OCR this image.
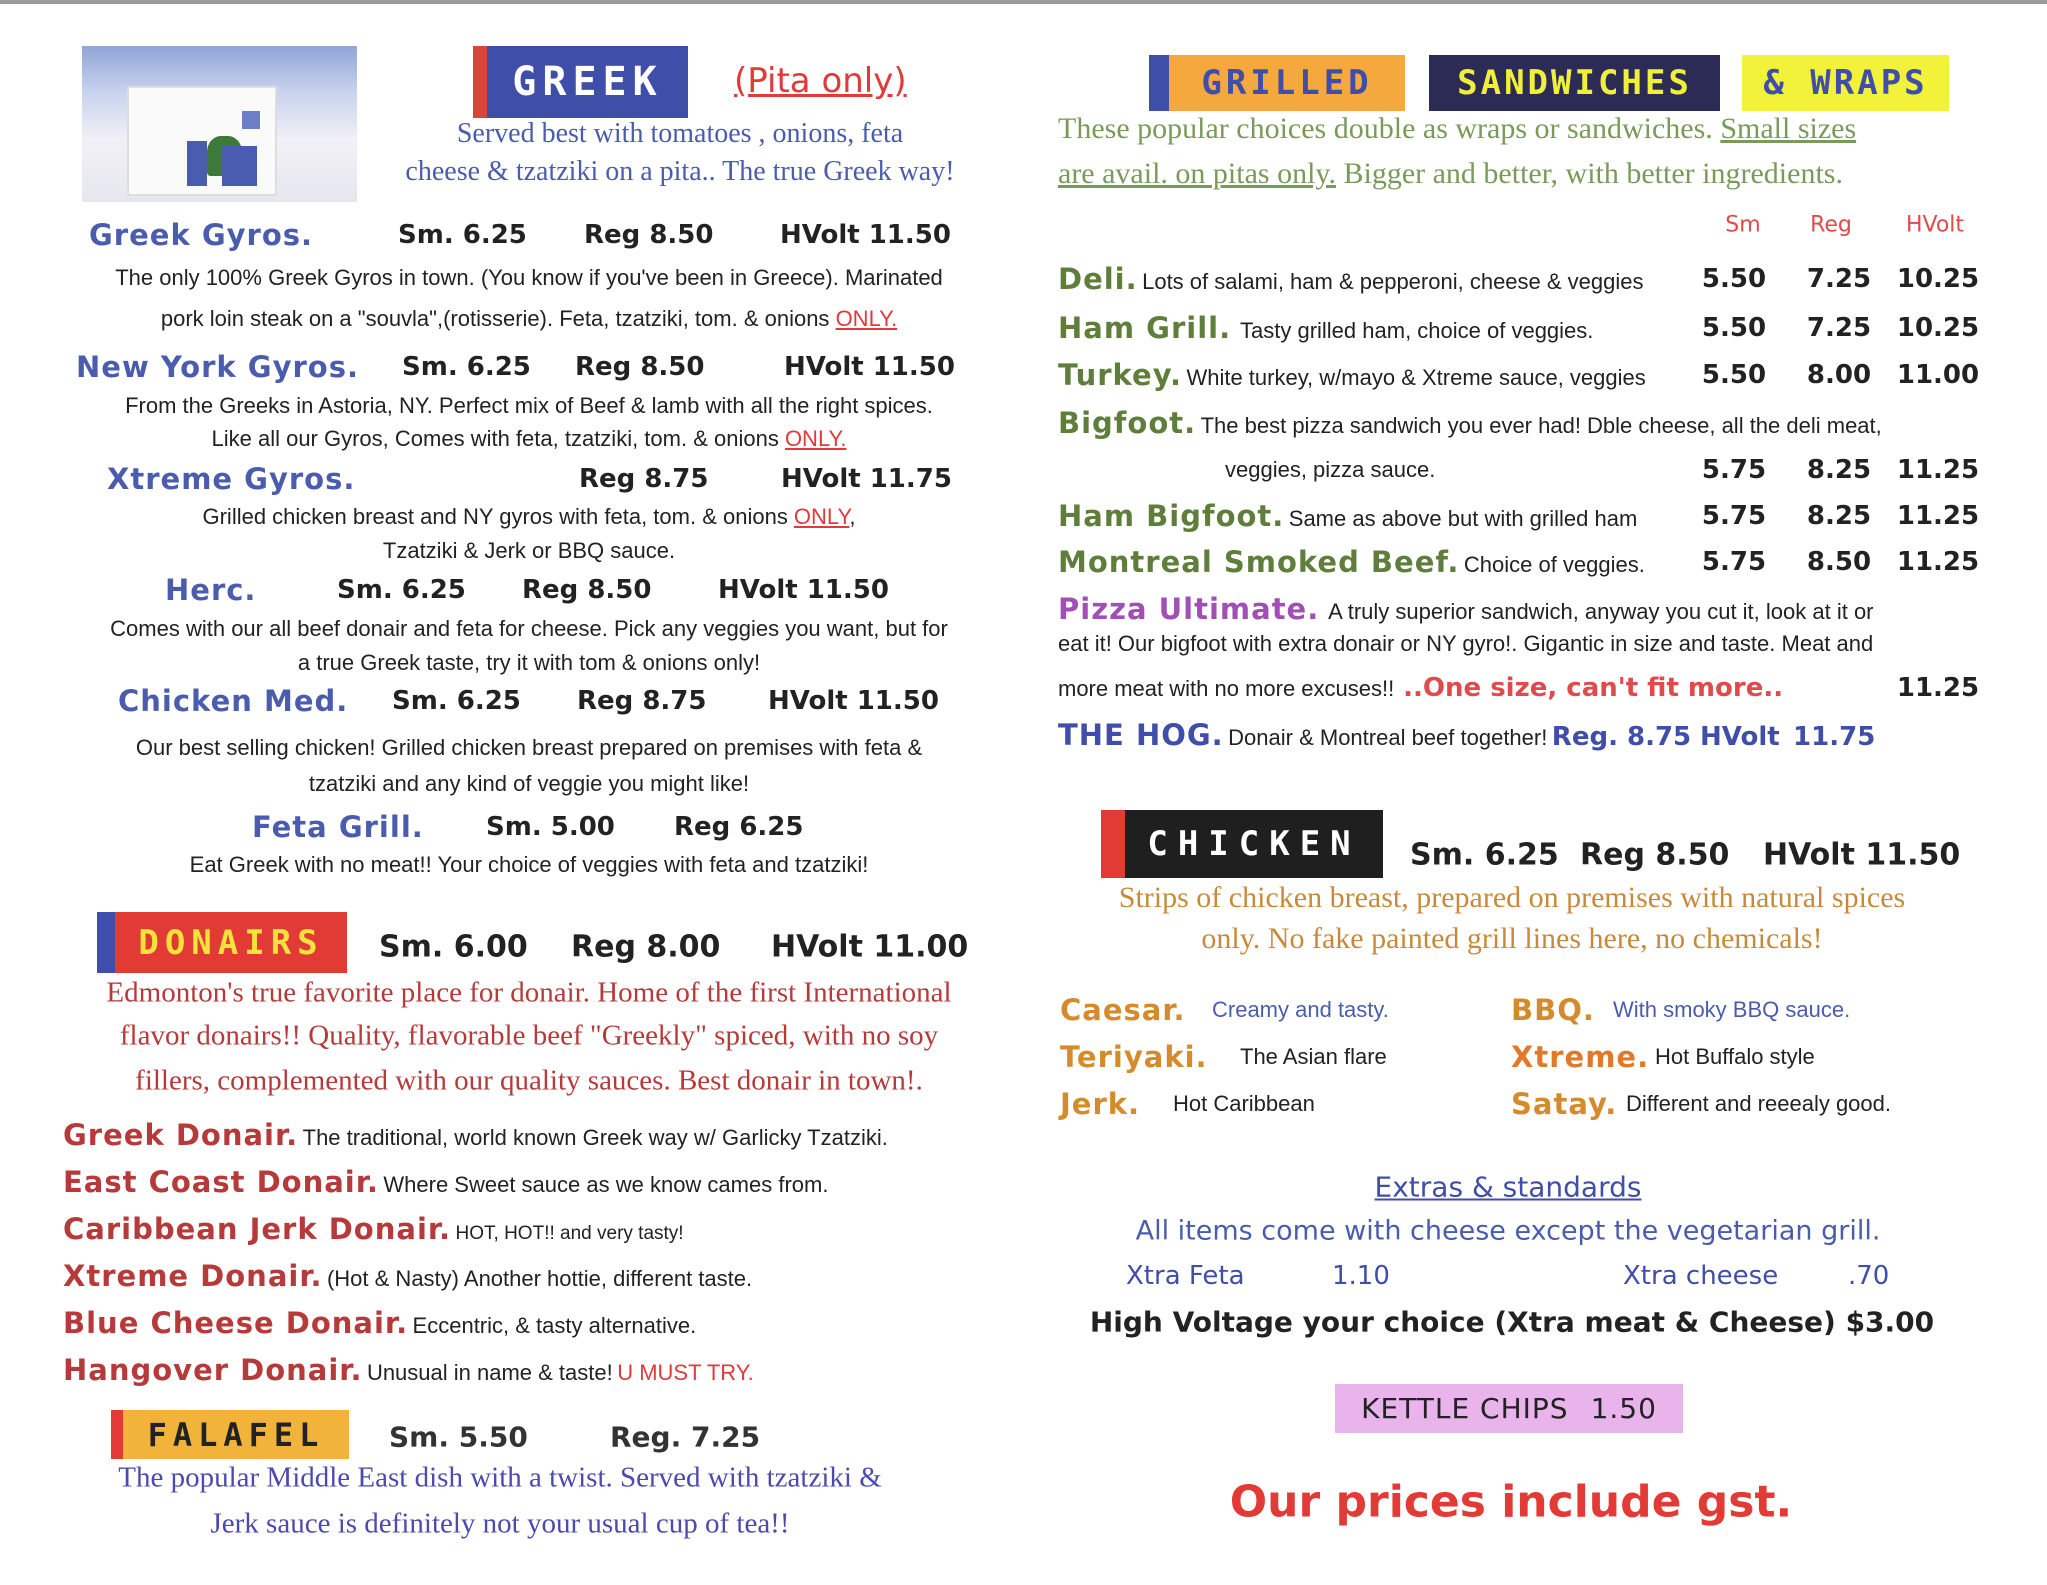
GREEK (Pita only)
Served best with tomatoes , onions, feta
cheese & tzatziki on a pita.. The true Greek way!
Greek Gyros.	Sm. 6.25 Reg 8.50	HVolt 11.50
The only 100% Greek Gyros in town. (You know if you've been in Greece). Marinated
pork loin steak on a "souvla",(rotisserie). Feta, tzatziki, tom. & onions ONLY.
New York Gyros. Sm. 6.25 Reg 8.50	HVolt 11.50
From the Greeks in Astoria, NY. Perfect mix of Beef & lamb with all the right spices.
Like all our Gyros, Comes with feta, tzatziki, tom. & onions ONLY.
Xtreme Gyros.	Reg 8.75	HVolt 11.75
Grilled chicken breast and NY gyros with feta, tom. & onions ONLY,
Tzatziki & Jerk or BBQ sauce.
Herc.	Sm. 6.25 Reg 8.50	HVolt 11.50
Comes with our all beef donair and feta for cheese. Pick any veggies you want, but for
a true Greek taste, try it with tom & onions only!
Chicken Med. Sm. 6.25 Reg 8.75 HVolt 11.50
Our best selling chicken! Grilled chicken breast prepared on premises with feta &
tzatziki and any kind of veggie you might like!
Feta Grill. Sm. 5.00 Reg 6.25
Eat Greek with no meat!! Your choice of veggies with feta and tzatziki!
DONAIRS Sm. 6.00 Reg 8.00 HVolt 11.00
Edmonton's true favorite place for donair. Home of the first International
flavor donairs!! Quality, flavorable beef "Greekly" spiced, with no soy
fillers, complemented with our quality sauces. Best donair in town!.
Greek Donair. The traditional, world known Greek way w/ Garlicky Tzatziki.
East Coast Donair. Where Sweet sauce as we know cames from.
Caribbean Jerk Donair. HOT, HOT!! and very tasty!
Xtreme Donair. (Hot & Nasty) Another hottie, different taste.
Blue Cheese Donair. Eccentric, & tasty alternative.
Hangover Donair. Unusual in name & taste! U MUST TRY.
FALAFEL Sm. 5.50	Reg. 7.25
The popular Middle East dish with a twist. Served with tzatziki &
Jerk sauce is definitely not your usual cup of tea!!
GRILLED SANDWICHES & WRAPS
These popular choices double as wraps or sandwiches. Small sizes
are avail. on pitas only. Bigger and better, with better ingredients.
Sm Reg HVolt
Deli. Lots of salami, ham & pepperoni, cheese & veggies 5.50 7.25 10.25
Ham Grill. Tasty grilled ham, choice of veggies.	5.50 7.25 10.25
Turkey. White turkey, w/mayo & Xtreme sauce, veggies 5.50 8.00 11.00
Bigfoot. The best pizza sandwich you ever had! Dble cheese, all the deli meat,
veggies, pizza sauce.	5.75 8.25 11.25
Ham Bigfoot. Same as above but with grilled ham 5.75 8.25 11.25
Montreal Smoked Beef. Choice of veggies. 5.75 8.50 11.25
Pizza Ultimate. A truly superior sandwich, anyway you cut it, look at it or
eat it! Our bigfoot with extra donair or NY gyro!. Gigantic in size and taste. Meat and
more meat with no more excuses!! ..One size, can't fit more..	11.25
THE HOG. Donair & Montreal beef together! Reg. 8.75 HVolt 11.75
CHICKEN Sm. 6.25 Reg 8.50 HVolt 11.50
Strips of chicken breast, prepared on premises with natural spices
only. No fake painted grill lines here, no chemicals!
Caesar. Creamy and tasty.
Teriyaki. The Asian flare
Jerk. Hot Caribbean
BBQ. With smoky BBQ sauce.
Xtreme. Hot Buffalo style
Satay. Different and reeealy good.
Extras & standards
All items come with cheese except the vegetarian grill.
Xtra Feta	1.10	Xtra cheese	.70
High Voltage your choice (Xtra meat & Cheese) $3.00
KETTLE CHIPS 1.50
Our prices include gst.
